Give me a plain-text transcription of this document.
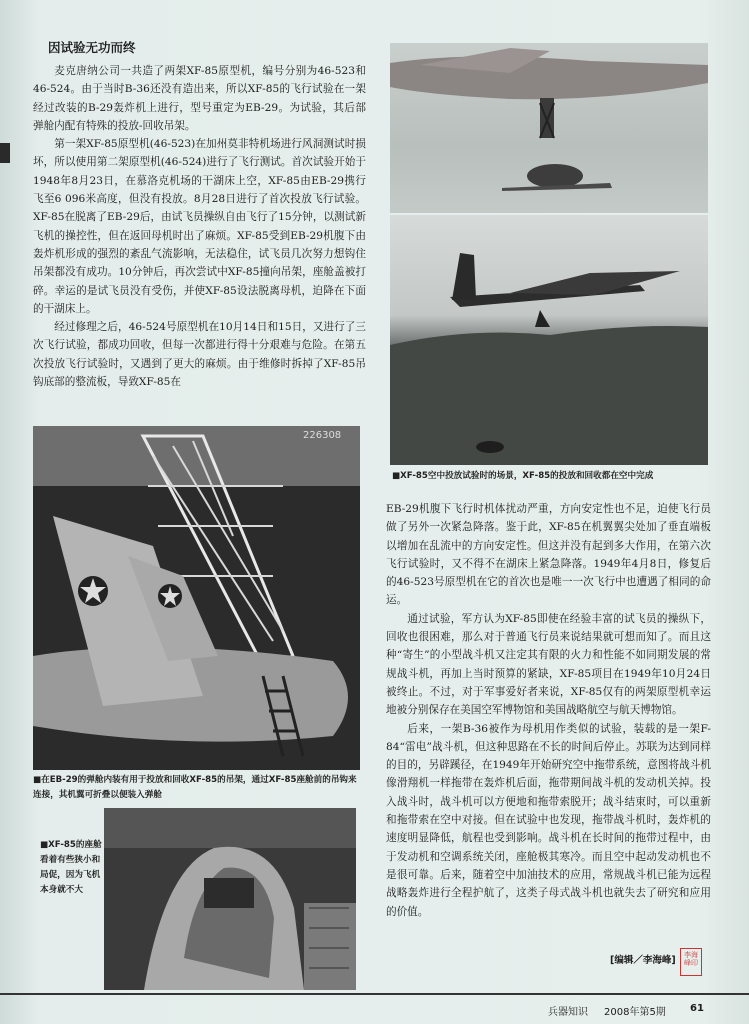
因试验无功而终

麦克唐纳公司一共造了两架XF-85原型机，编号分别为46-523和46-524。由于当时B-36还没有造出来，所以XF-85的飞行试验在一架经过改装的B-29轰炸机上进行，型号重定为EB-29。为试验，其后部弹舱内配有特殊的投放-回收吊架。

第一架XF-85原型机(46-523)在加州莫非特机场进行风洞测试时损坏，所以使用第二架原型机(46-524)进行了飞行测试。首次试验开始于1948年8月23日，在慕洛克机场的干湖床上空，XF-85由EB-29携行飞至6 096米高度，但没有投放。8月28日进行了首次投放飞行试验。XF-85在脱离了EB-29后，由试飞员操纵自由飞行了15分钟，以测试新飞机的操控性，但在返回母机时出了麻烦。XF-85受到EB-29机腹下由轰炸机形成的强烈的紊乱气流影响，无法稳住，试飞员几次努力想钩住吊架都没有成功。10分钟后，再次尝试中XF-85撞向吊架，座舱盖被打碎。幸运的是试飞员没有受伤，并使XF-85设法脱离母机，迫降在下面的干湖床上。

经过修理之后，46-524号原型机在10月14日和15日，又进行了三次飞行试验，都成功回收，但每一次都进行得十分艰难与危险。在第五次投放飞行试验时，又遇到了更大的麻烦。由于维修时拆掉了XF-85吊钩底部的整流板，导致XF-85在

■XF-85空中投放试验时的场景，XF-85的投放和回收都在空中完成
226308
■在EB-29的弹舱内装有用于投放和回收XF-85的吊架，通过XF-85座舱前的吊钩来连接，其机翼可折叠以便装入弹舱
■XF-85的座舱看着有些狭小和局促，因为飞机本身就不大

EB-29机腹下飞行时机体扰动严重，方向安定性也不足，迫使飞行员做了另外一次紧急降落。鉴于此，XF-85在机翼翼尖处加了垂直端板以增加在乱流中的方向安定性。但这并没有起到多大作用，在第六次飞行试验时，又不得不在湖床上紧急降落。1949年4月8日，修复后的46-523号原型机在它的首次也是唯一一次飞行中也遭遇了相同的命运。

通过试验，军方认为XF-85即使在经验丰富的试飞员的操纵下，回收也很困难，那么对于普通飞行员来说结果就可想而知了。而且这种“寄生”的小型战斗机又注定其有限的火力和性能不如同期发展的常规战斗机，再加上当时预算的紧缺，XF-85项目在1949年10月24日被终止。不过，对于军事爱好者来说，XF-85仅有的两架原型机幸运地被分别保存在美国空军博物馆和美国战略航空与航天博物馆。

后来，一架B-36被作为母机用作类似的试验，装载的是一架F-84“雷电”战斗机，但这种思路在不长的时间后停止。苏联为达到同样的目的，另辟蹊径，在1949年开始研究空中拖带系统，意图将战斗机像滑翔机一样拖带在轰炸机后面，拖带期间战斗机的发动机关掉。投入战斗时，战斗机可以方便地和拖带索脱开；战斗结束时，可以重新和拖带索在空中对接。但在试验中也发现，拖带战斗机时，轰炸机的速度明显降低，航程也受到影响。战斗机在长时间的拖带过程中，由于发动机和空调系统关闭，座舱极其寒冷。而且空中起动发动机也不是很可靠。后来，随着空中加油技术的应用，常规战斗机已能为远程战略轰炸进行全程护航了，这类子母式战斗机也就失去了研究和应用的价值。

[编辑／李海峰]	李海峰印
兵器知识 2008年第5期 61
